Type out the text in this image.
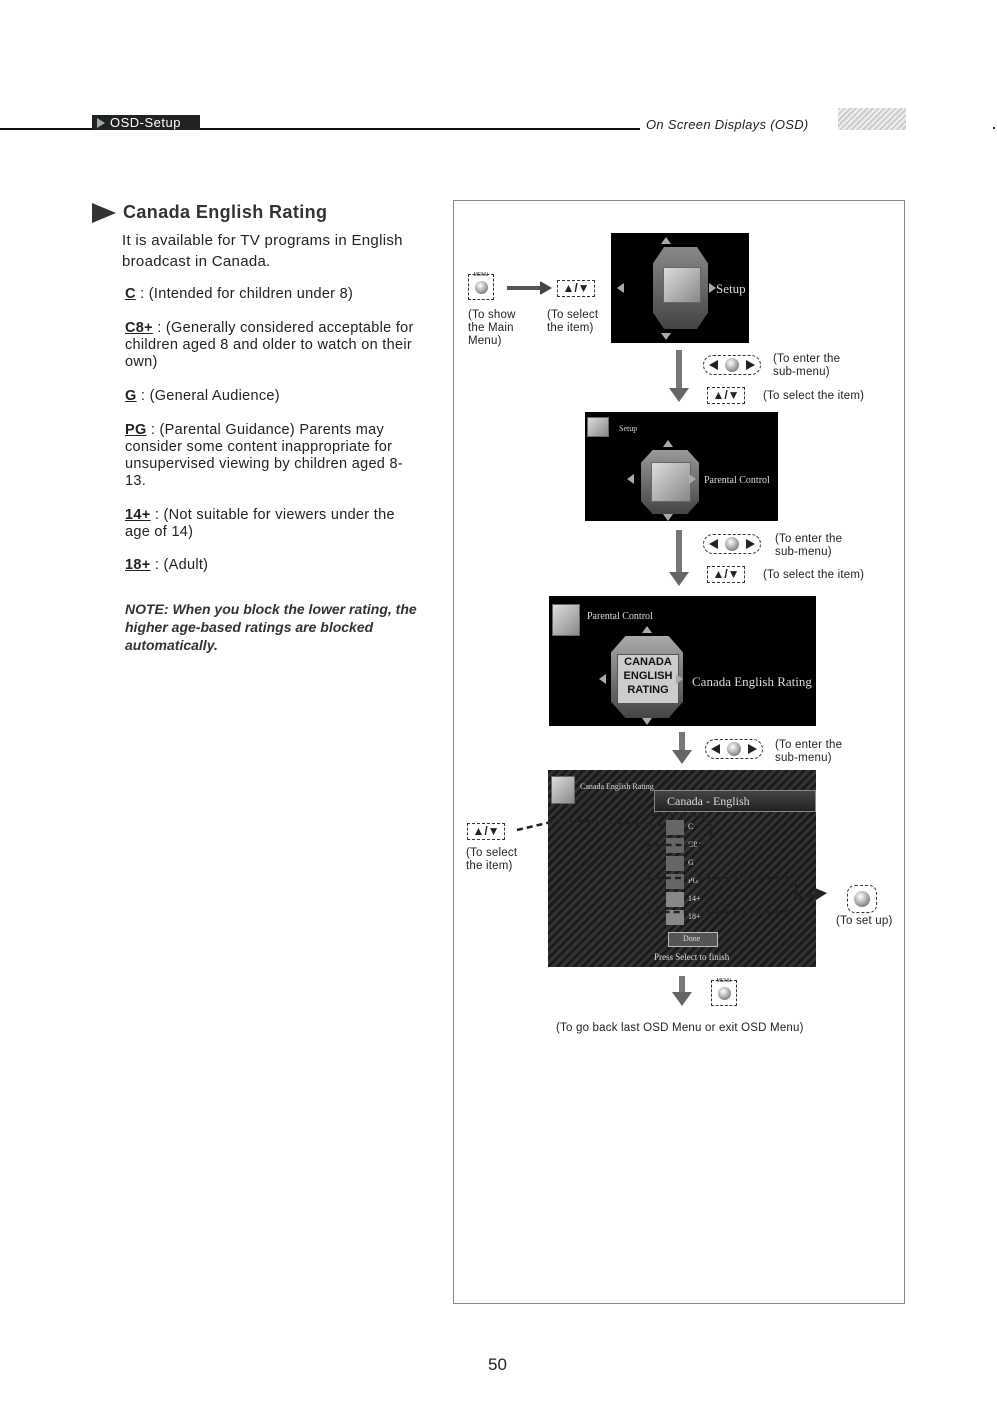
OSD-Setup	On Screen Displays (OSD)
Canada English Rating
It is available for TV programs in English broadcast in Canada.
C : (Intended for children under 8)
C8+ : (Generally considered acceptable for children aged 8 and older to watch on their own)
G : (General Audience)
PG : (Parental Guidance) Parents may consider some content inappropriate for unsupervised viewing by children aged 8-13.
14+ : (Not suitable for viewers under the age of 14)
18+ : (Adult)
NOTE: When you block the lower rating, the higher age-based ratings are blocked automatically.
MENU
▲/▼
(To show the Main Menu)
(To select the item)
Setup
(To enter the sub-menu)
▲/▼	(To select the item)
Setup
Parental Control
(To enter the sub-menu)
▲/▼	(To select the item)
Parental Control
CANADA
ENGLISH
RATING
Canada English Rating
(To enter the sub-menu)
Canada English Rating
Canada - English
C
C8+
G
PG
14+
18+
Done
Press Select to finish
▲/▼
(To select the item)
(To set up)
MENU
(To go back last OSD Menu or exit OSD Menu)
50
